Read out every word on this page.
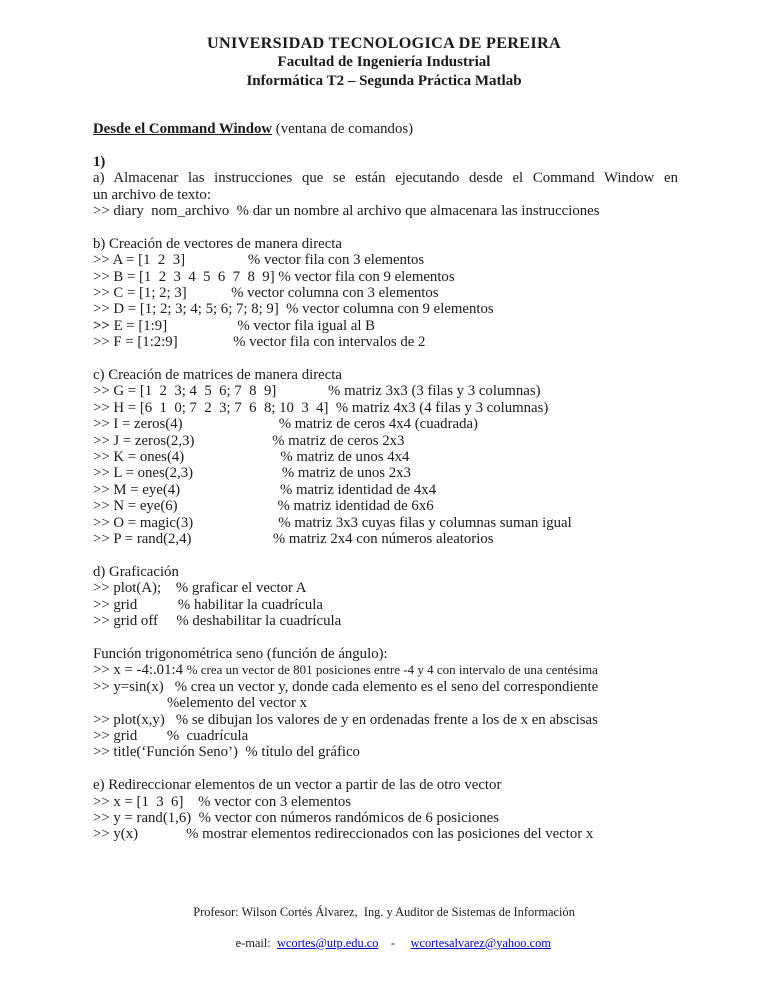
UNIVERSIDAD TECNOLOGICA DE PEREIRA
Facultad de Ingeniería Industrial
Informática T2 – Segunda Práctica Matlab
Desde el Command Window (ventana de comandos)
1)
a) Almacenar las instrucciones que se están ejecutando desde el Command Window en
un archivo de texto:
>> diary  nom_archivo  % dar un nombre al archivo que almacenara las instrucciones
b) Creación de vectores de manera directa
>> A = [1  2  3]                 % vector fila con 3 elementos
>> B = [1  2  3  4  5  6  7  8  9] % vector fila con 9 elementos
>> C = [1; 2; 3]            % vector columna con 3 elementos
>> D = [1; 2; 3; 4; 5; 6; 7; 8; 9]  % vector columna con 9 elementos
>> E = [1:9]                   % vector fila igual al B
>> F = [1:2:9]               % vector fila con intervalos de 2
c) Creación de matrices de manera directa
>> G = [1  2  3; 4  5  6; 7  8  9]              % matriz 3x3 (3 filas y 3 columnas)
>> H = [6  1  0; 7  2  3; 7  6  8; 10  3  4]  % matriz 4x3 (4 filas y 3 columnas)
>> I = zeros(4)                          % matriz de ceros 4x4 (cuadrada)
>> J = zeros(2,3)                     % matriz de ceros 2x3
>> K = ones(4)                          % matriz de unos 4x4
>> L = ones(2,3)                        % matriz de unos 2x3
>> M = eye(4)                           % matriz identidad de 4x4
>> N = eye(6)                           % matriz identidad de 6x6
>> O = magic(3)                       % matriz 3x3 cuyas filas y columnas suman igual
>> P = rand(2,4)                      % matriz 2x4 con números aleatorios
d) Graficación
>> plot(A);    % graficar el vector A
>> grid           % habilitar la cuadrícula
>> grid off     % deshabilitar la cuadrícula
Función trigonométrica seno (función de ángulo):
>> x = -4:.01:4 % crea un vector de 801 posiciones entre -4 y 4 con intervalo de una centésima
>> y=sin(x)   % crea un vector y, donde cada elemento es el seno del correspondiente
%elemento del vector x
>> plot(x,y)   % se dibujan los valores de y en ordenadas frente a los de x en abscisas
>> grid        %  cuadrícula
>> title(‘Función Seno’)  % título del gráfico
e) Redireccionar elementos de un vector a partir de las de otro vector
>> x = [1  3  6]    % vector con 3 elementos
>> y = rand(1,6)  % vector con números randómicos de 6 posiciones
>> y(x)             % mostrar elementos redireccionados con las posiciones del vector x
Profesor: Wilson Cortés Álvarez,  Ing. y Auditor de Sistemas de Información

e-mail:  wcortes@utp.edu.co    -     wcortesalvarez@yahoo.com
